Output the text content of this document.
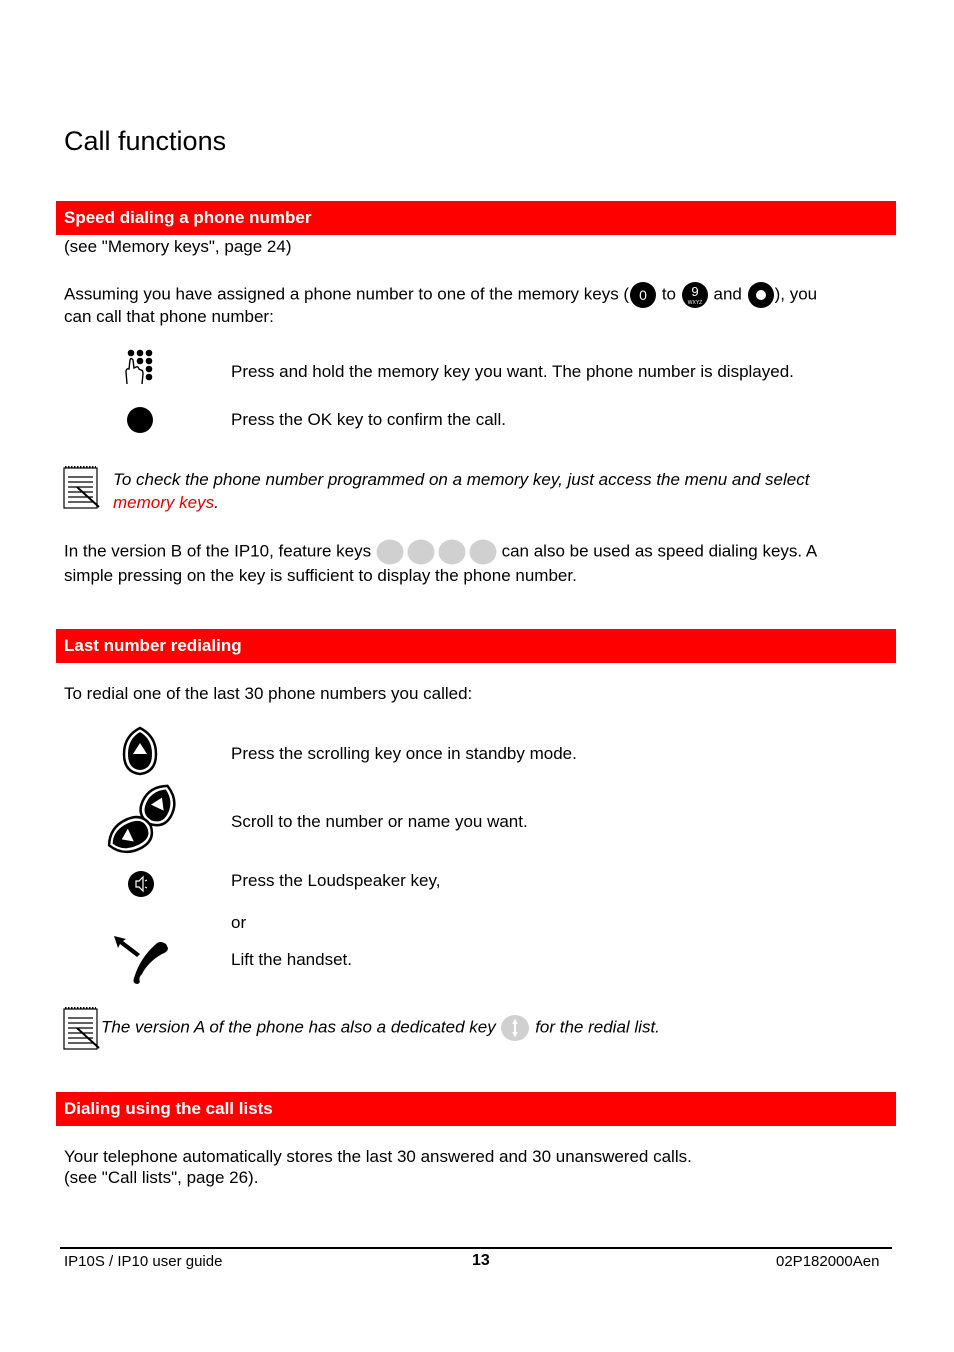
Call functions
Speed dialing a phone number
(see "Memory keys", page 24)
Assuming you have assigned a phone number to one of the memory keys ( 0 to 9
WXYZ and ), you
can call that phone number:
Press and hold the memory key you want. The phone number is displayed.
Press the OK key to confirm the call.
To check the phone number programmed on a memory key, just access the menu and select
memory keys.
In the version B of the IP10, feature keys	can also be used as speed dialing keys. A
simple pressing on the key is sufficient to display the phone number.
Last number redialing
To redial one of the last 30 phone numbers you called:
Press the scrolling key once in standby mode.
Scroll to the number or name you want.
Press the Loudspeaker key,
or
Lift the handset.
The version A of the phone has also a dedicated key for the redial list.
Dialing using the call lists
Your telephone automatically stores the last 30 answered and 30 unanswered calls.
(see "Call lists", page 26).
IP10S / IP10 user guide	13	02P182000Aen
